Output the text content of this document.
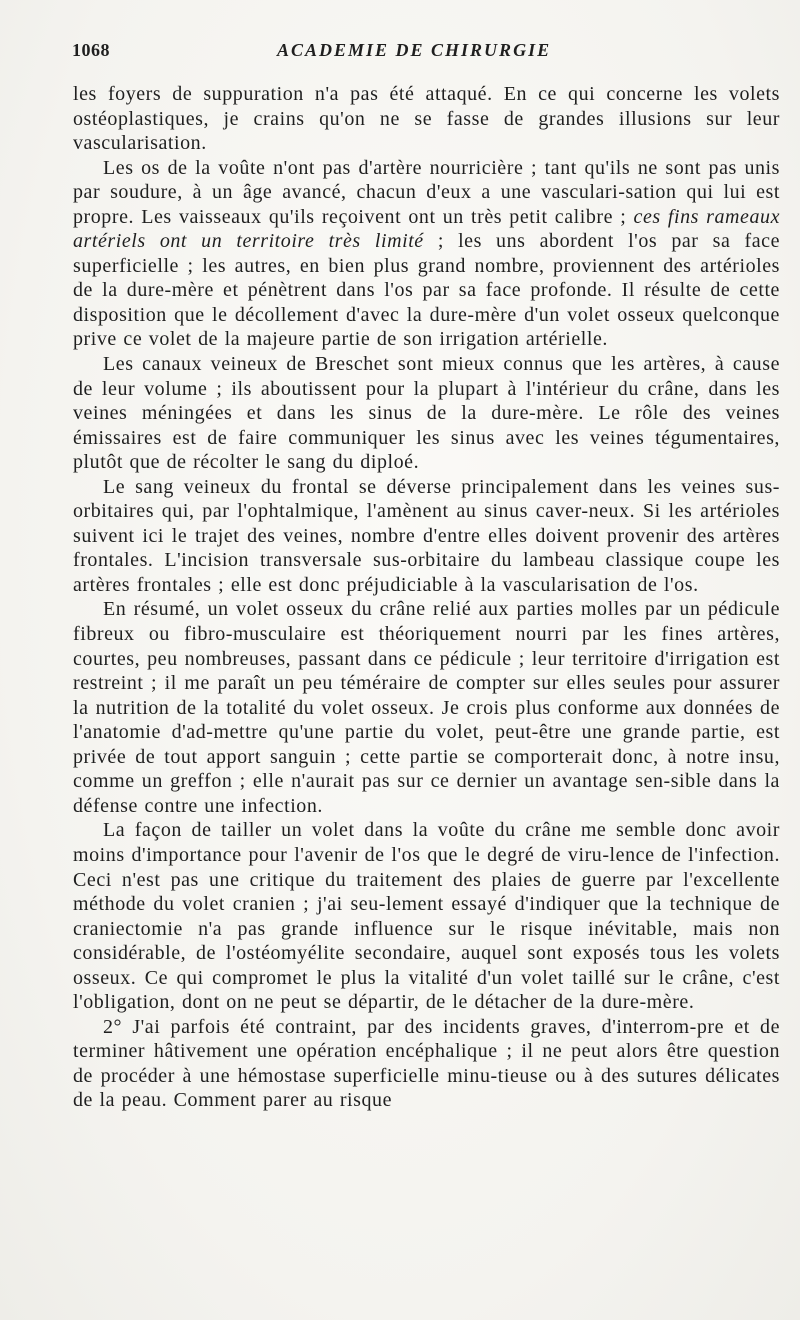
1068	ACADEMIE DE CHIRURGIE

les foyers de suppuration n'a pas été attaqué. En ce qui concerne les volets ostéoplastiques, je crains qu'on ne se fasse de grandes illusions sur leur vascularisation.

Les os de la voûte n'ont pas d'artère nourricière ; tant qu'ils ne sont pas unis par soudure, à un âge avancé, chacun d'eux a une vasculari-sation qui lui est propre. Les vaisseaux qu'ils reçoivent ont un très petit calibre ; ces fins rameaux artériels ont un territoire très limité ; les uns abordent l'os par sa face superficielle ; les autres, en bien plus grand nombre, proviennent des artérioles de la dure-mère et pénètrent dans l'os par sa face profonde. Il résulte de cette disposition que le décollement d'avec la dure-mère d'un volet osseux quelconque prive ce volet de la majeure partie de son irrigation artérielle.

Les canaux veineux de Breschet sont mieux connus que les artères, à cause de leur volume ; ils aboutissent pour la plupart à l'intérieur du crâne, dans les veines méningées et dans les sinus de la dure-mère. Le rôle des veines émissaires est de faire communiquer les sinus avec les veines tégumentaires, plutôt que de récolter le sang du diploé.

Le sang veineux du frontal se déverse principalement dans les veines sus-orbitaires qui, par l'ophtalmique, l'amènent au sinus caver-neux. Si les artérioles suivent ici le trajet des veines, nombre d'entre elles doivent provenir des artères frontales. L'incision transversale sus-orbitaire du lambeau classique coupe les artères frontales ; elle est donc préjudiciable à la vascularisation de l'os.

En résumé, un volet osseux du crâne relié aux parties molles par un pédicule fibreux ou fibro-musculaire est théoriquement nourri par les fines artères, courtes, peu nombreuses, passant dans ce pédicule ; leur territoire d'irrigation est restreint ; il me paraît un peu téméraire de compter sur elles seules pour assurer la nutrition de la totalité du volet osseux. Je crois plus conforme aux données de l'anatomie d'ad-mettre qu'une partie du volet, peut-être une grande partie, est privée de tout apport sanguin ; cette partie se comporterait donc, à notre insu, comme un greffon ; elle n'aurait pas sur ce dernier un avantage sen-sible dans la défense contre une infection.

La façon de tailler un volet dans la voûte du crâne me semble donc avoir moins d'importance pour l'avenir de l'os que le degré de viru-lence de l'infection. Ceci n'est pas une critique du traitement des plaies de guerre par l'excellente méthode du volet cranien ; j'ai seu-lement essayé d'indiquer que la technique de craniectomie n'a pas grande influence sur le risque inévitable, mais non considérable, de l'ostéomyélite secondaire, auquel sont exposés tous les volets osseux. Ce qui compromet le plus la vitalité d'un volet taillé sur le crâne, c'est l'obligation, dont on ne peut se départir, de le détacher de la dure-mère.

2° J'ai parfois été contraint, par des incidents graves, d'interrom-pre et de terminer hâtivement une opération encéphalique ; il ne peut alors être question de procéder à une hémostase superficielle minu-tieuse ou à des sutures délicates de la peau. Comment parer au risque
